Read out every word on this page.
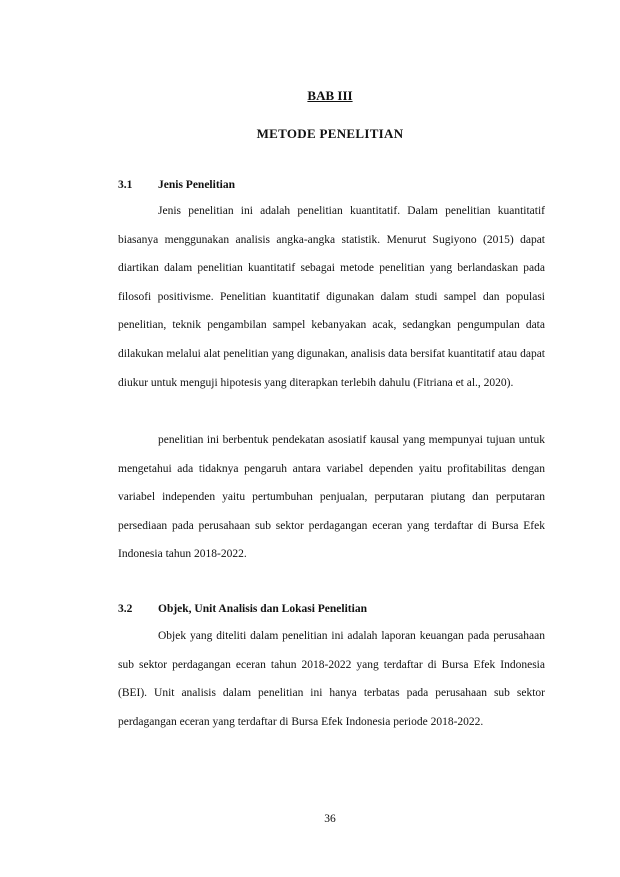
BAB III
METODE PENELITIAN
3.1 Jenis Penelitian

Jenis penelitian ini adalah penelitian kuantitatif. Dalam penelitian kuantitatif biasanya menggunakan analisis angka-angka statistik. Menurut Sugiyono (2015) dapat diartikan dalam penelitian kuantitatif sebagai metode penelitian yang berlandaskan pada filosofi positivisme. Penelitian kuantitatif digunakan dalam studi sampel dan populasi penelitian, teknik pengambilan sampel kebanyakan acak, sedangkan pengumpulan data dilakukan melalui alat penelitian yang digunakan, analisis data bersifat kuantitatif atau dapat diukur untuk menguji hipotesis yang diterapkan terlebih dahulu (Fitriana et al., 2020).

penelitian ini berbentuk pendekatan asosiatif kausal yang mempunyai tujuan untuk mengetahui ada tidaknya pengaruh antara variabel dependen yaitu profitabilitas dengan variabel independen yaitu pertumbuhan penjualan, perputaran piutang dan perputaran persediaan pada perusahaan sub sektor perdagangan eceran yang terdaftar di Bursa Efek Indonesia tahun 2018-2022.

3.2 Objek, Unit Analisis dan Lokasi Penelitian

Objek yang diteliti dalam penelitian ini adalah laporan keuangan pada perusahaan sub sektor perdagangan eceran tahun 2018-2022 yang terdaftar di Bursa Efek Indonesia (BEI). Unit analisis dalam penelitian ini hanya terbatas pada perusahaan sub sektor perdagangan eceran yang terdaftar di Bursa Efek Indonesia periode 2018-2022.

36
